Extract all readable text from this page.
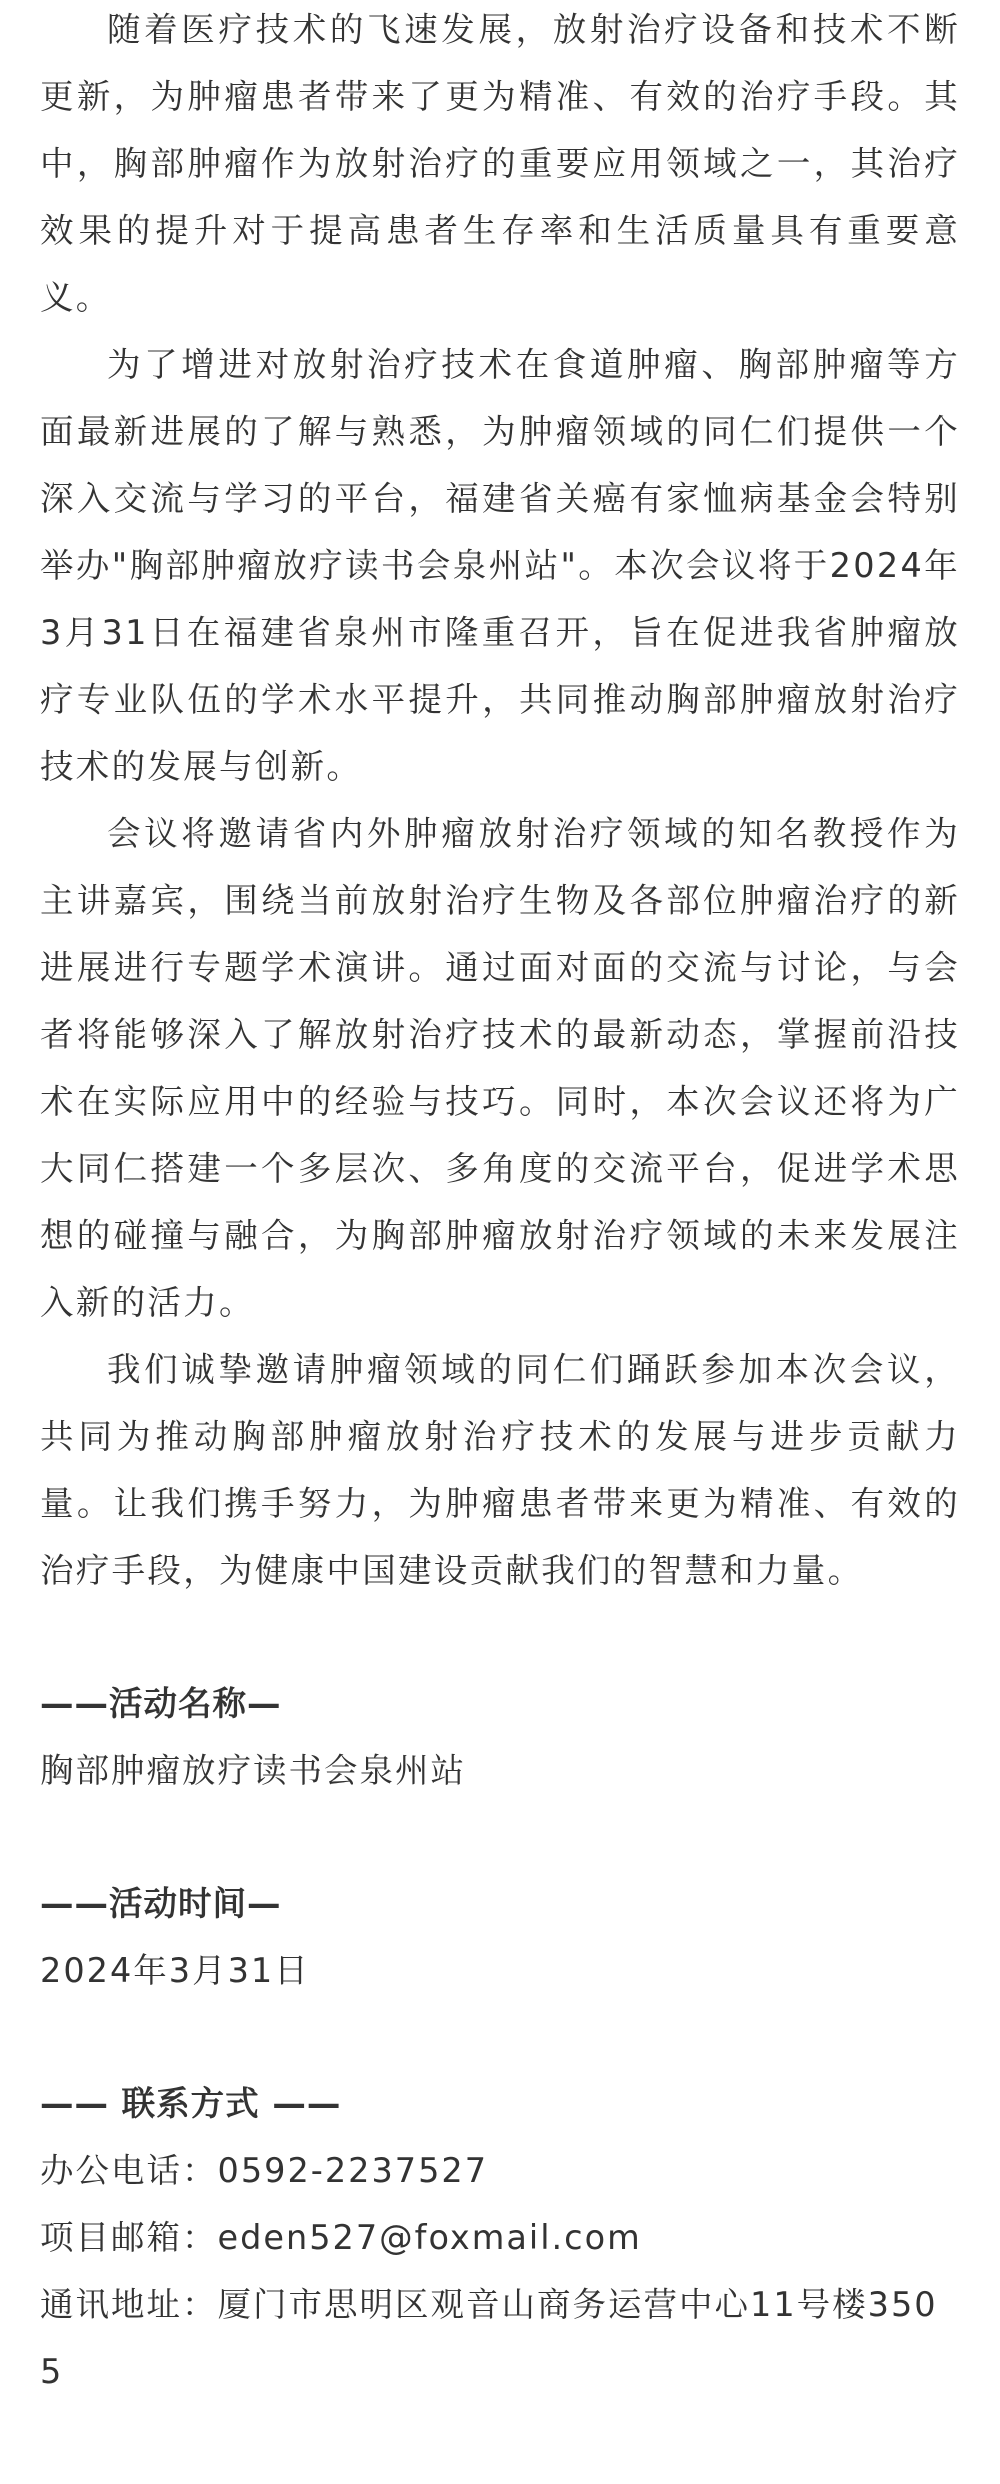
随着医疗技术的飞速发展，放射治疗设备和技术不断更新，为肿瘤患者带来了更为精准、有效的治疗手段。其中，胸部肿瘤作为放射治疗的重要应用领域之一，其治疗效果的提升对于提高患者生存率和生活质量具有重要意义。

为了增进对放射治疗技术在食道肿瘤、胸部肿瘤等方面最新进展的了解与熟悉，为肿瘤领域的同仁们提供一个深入交流与学习的平台，福建省关癌有家恤病基金会特别举办"胸部肿瘤放疗读书会泉州站"。本次会议将于2024年3月31日在福建省泉州市隆重召开，旨在促进我省肿瘤放疗专业队伍的学术水平提升，共同推动胸部肿瘤放射治疗技术的发展与创新。

会议将邀请省内外肿瘤放射治疗领域的知名教授作为主讲嘉宾，围绕当前放射治疗生物及各部位肿瘤治疗的新进展进行专题学术演讲。通过面对面的交流与讨论，与会者将能够深入了解放射治疗技术的最新动态，掌握前沿技术在实际应用中的经验与技巧。同时，本次会议还将为广大同仁搭建一个多层次、多角度的交流平台，促进学术思想的碰撞与融合，为胸部肿瘤放射治疗领域的未来发展注入新的活力。

我们诚挚邀请肿瘤领域的同仁们踊跃参加本次会议，共同为推动胸部肿瘤放射治疗技术的发展与进步贡献力量。让我们携手努力，为肿瘤患者带来更为精准、有效的治疗手段，为健康中国建设贡献我们的智慧和力量。

——活动名称—

胸部肿瘤放疗读书会泉州站

——活动时间—

2024年3月31日

—— 联系方式 ——

办公电话：0592-2237527

项目邮箱：eden527@foxmail.com

通讯地址：厦门市思明区观音山商务运营中心11号楼3505
